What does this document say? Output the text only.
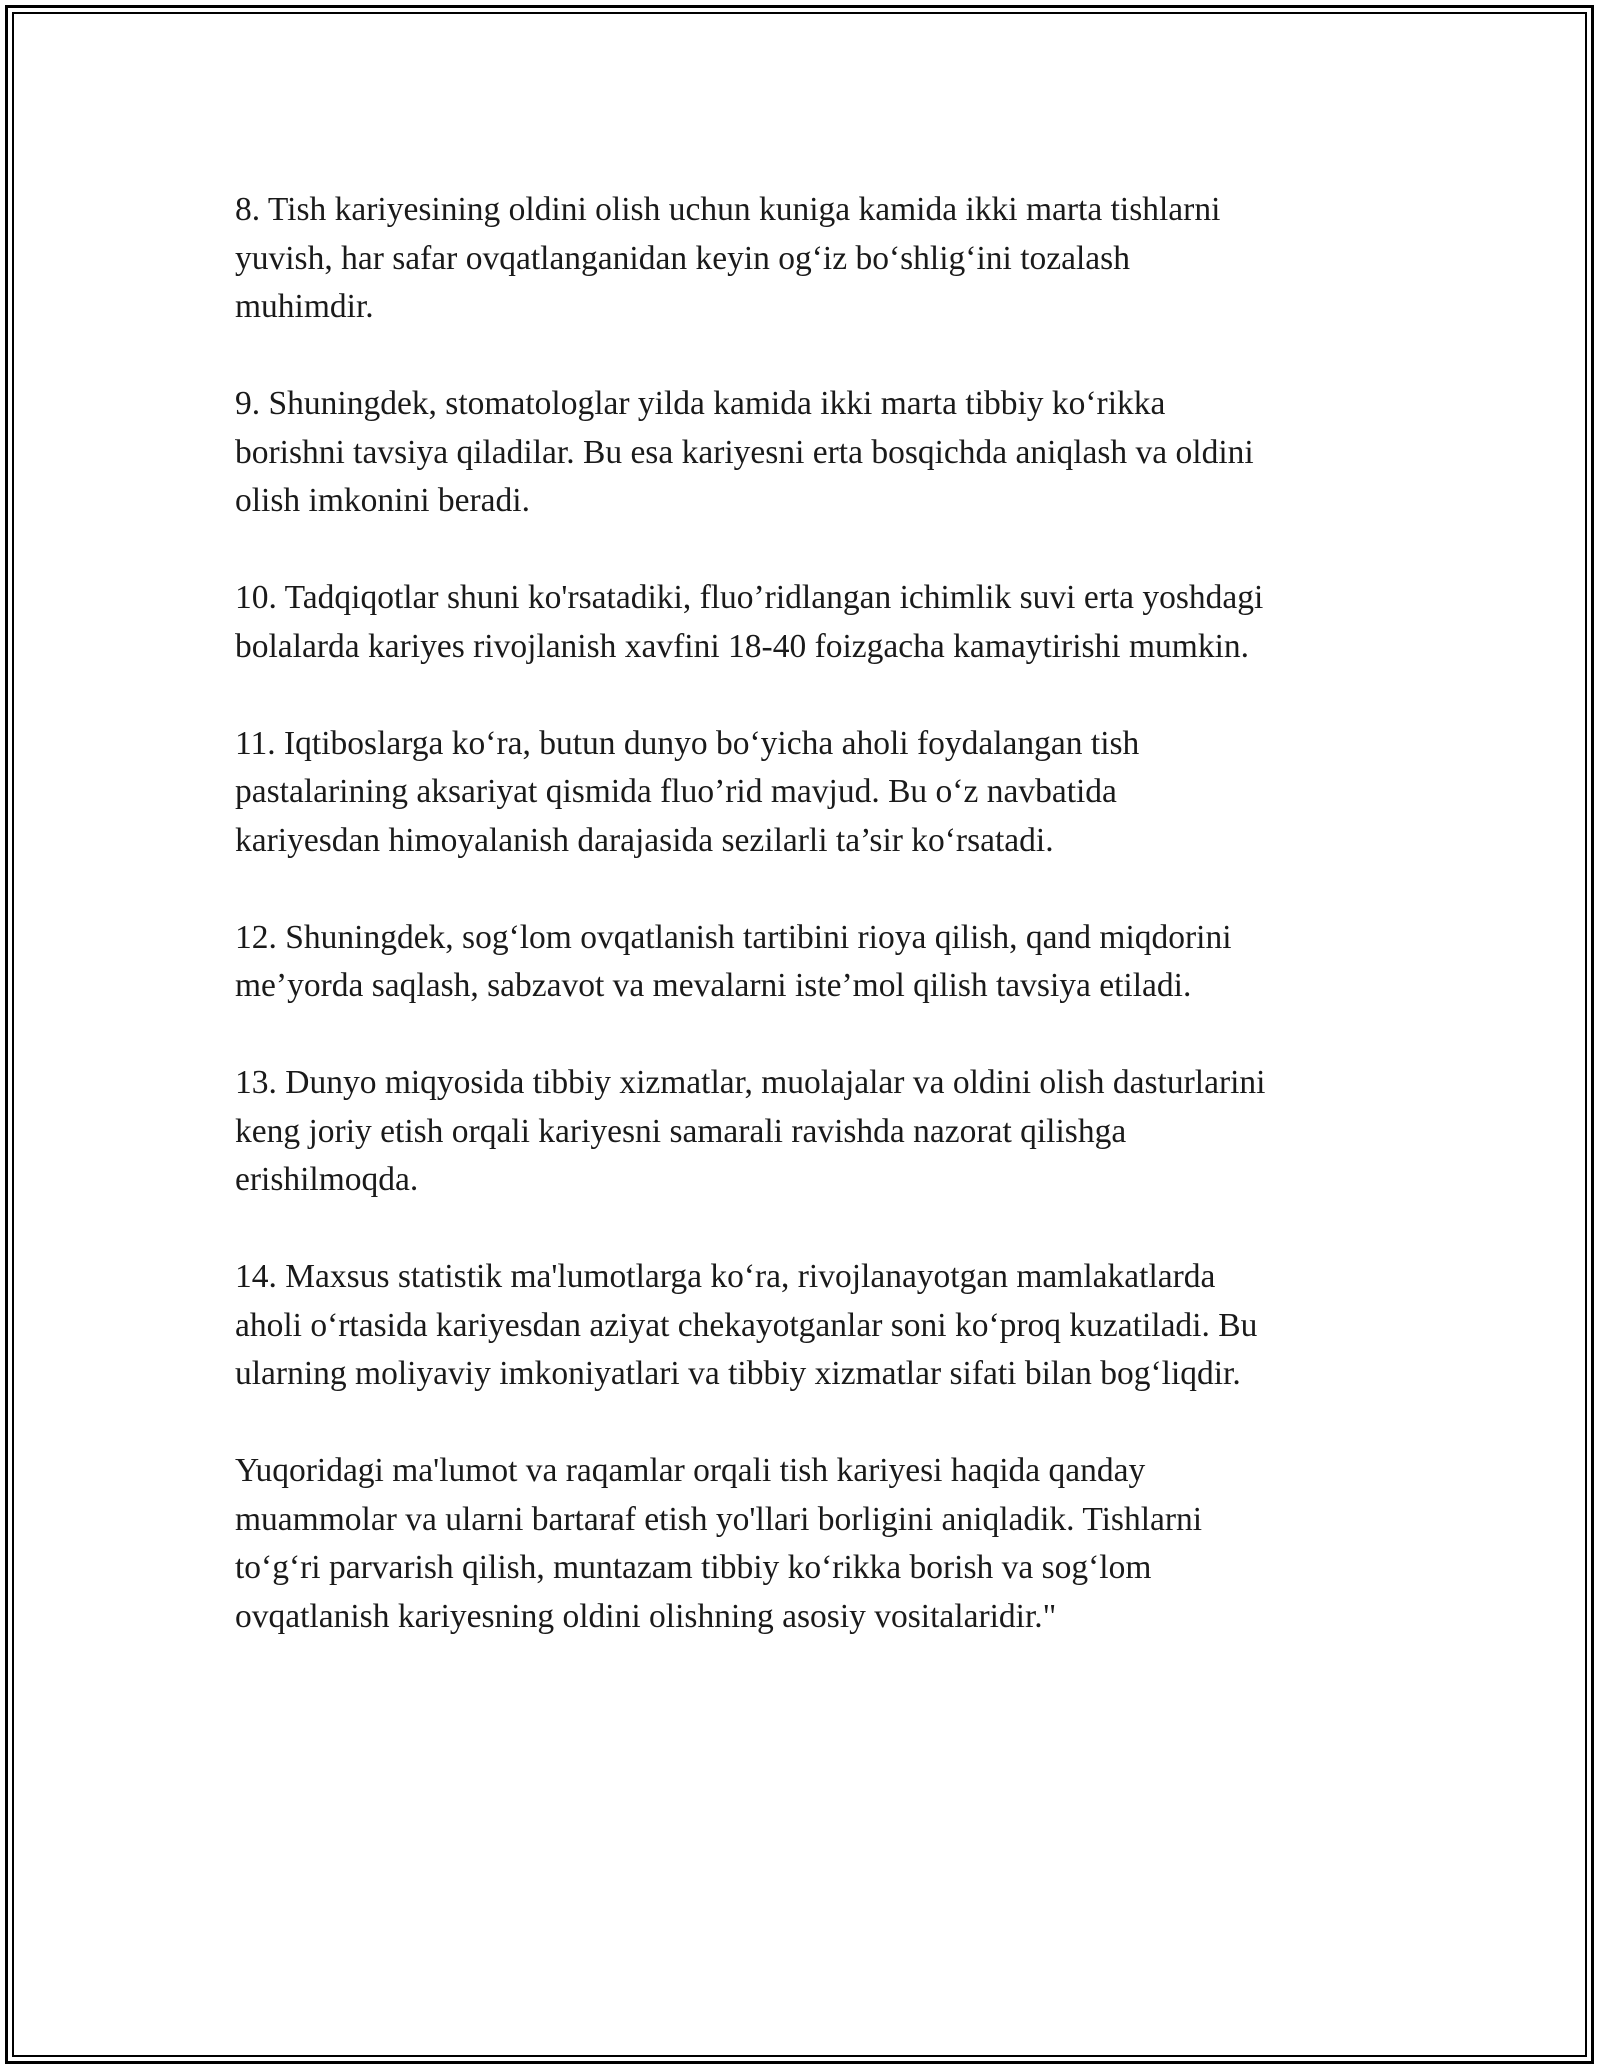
8. Tish kariyesining oldini olish uchun kuniga kamida ikki marta tishlarni
yuvish, har safar ovqatlanganidan keyin og‘iz bo‘shlig‘ini tozalash
muhimdir.

9. Shuningdek, stomatologlar yilda kamida ikki marta tibbiy ko‘rikka
borishni tavsiya qiladilar. Bu esa kariyesni erta bosqichda aniqlash va oldini
olish imkonini beradi.

10. Tadqiqotlar shuni ko'rsatadiki, fluo’ridlangan ichimlik suvi erta yoshdagi
bolalarda kariyes rivojlanish xavfini 18-40 foizgacha kamaytirishi mumkin.

11. Iqtiboslarga ko‘ra, butun dunyo bo‘yicha aholi foydalangan tish
pastalarining aksariyat qismida fluo’rid mavjud. Bu o‘z navbatida
kariyesdan himoyalanish darajasida sezilarli ta’sir ko‘rsatadi.

12. Shuningdek, sog‘lom ovqatlanish tartibini rioya qilish, qand miqdorini
me’yorda saqlash, sabzavot va mevalarni iste’mol qilish tavsiya etiladi.

13. Dunyo miqyosida tibbiy xizmatlar, muolajalar va oldini olish dasturlarini
keng joriy etish orqali kariyesni samarali ravishda nazorat qilishga
erishilmoqda.

14. Maxsus statistik ma'lumotlarga ko‘ra, rivojlanayotgan mamlakatlarda
aholi o‘rtasida kariyesdan aziyat chekayotganlar soni ko‘proq kuzatiladi. Bu
ularning moliyaviy imkoniyatlari va tibbiy xizmatlar sifati bilan bog‘liqdir.

Yuqoridagi ma'lumot va raqamlar orqali tish kariyesi haqida qanday
muammolar va ularni bartaraf etish yo'llari borligini aniqladik. Tishlarni
to‘g‘ri parvarish qilish, muntazam tibbiy ko‘rikka borish va sog‘lom
ovqatlanish kariyesning oldini olishning asosiy vositalaridir."
